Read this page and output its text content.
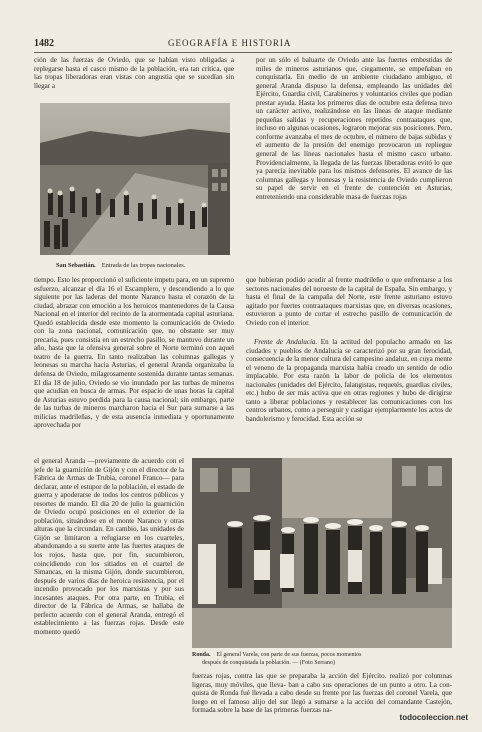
1482	GEOGRAFÍA E HISTORIA

ción de las fuerzas de Oviedo, que se habían visto obligadas a replegarse hasta el casco mismo de la población, era tan crítica, que las tropas liberadoras eran vistas con angustia que se sucedían sin llegar a

San Sebastián. Entrada de las tropas nacionales.

tiempo. Esto les proporcionó el suficiente impetu para, en un supremo esfuerzo, alcanzar el día 16 el Escamplero, y descendiendo a lo que siguiente por las laderas del monte Naranco hasta el corazón de la ciudad, abrazar con emoción a los heroicos mantenedores de la Causa Nacional en el interior del recinto de la atormentada capital asturiana. Quedó establecida desde este momento la comunicación de Oviedo con la zona nacional, comunicación que, no obstante ser muy precaria, pues consistía en un estrecho pasillo, se mantuvo durante un año, hasta que la ofensiva general sobre el Norte terminó con aquel teatro de la guerra. En tanto realizaban las columnas gallegas y leonesas su marcha hacia Asturias, el general Aranda organizaba la defensa de Oviedo, milagrosamente sostenida durante tantas semanas. El día 18 de julio, Oviedo se vio inundado por las turbas de mineros que acudían en busca de armas. Por espacio de unas horas la capital de Asturias estuvo perdida para la causa nacional; sin embargo, parte de las turbas de mineros marcharon hacia el Sur para sumarse a las milicias madrileñas, y de esta ausencia inmediata y oportunamente aprovechada por

el general Aranda —previamente de acuerdo con el jefe de la guarnición de Gijón y con el director de la Fábrica de Armas de Trubia, coronel Franco— para declarar, ante el estupor de la población, el estado de guerra y apoderarse de todos los centros públicos y resortes de mando. El día 20 de julio la guarnición de Oviedo ocupó posiciones en el exterior de la población, situándose en el monte Naranco y otras alturas que la circundan. En cambio, las unidades de Gijón se limitaron a refugiarse en los cuarteles, abandonando a su suerte ante las fuertes ataques de los rojos, hasta que, por fin, sucumbieron, coincidiendo con los sitiados en el cuartel de Simancas, en la misma Gijón, donde sucumbieron, después de varios días de heroica resistencia, por el incendio provocado por los marxistas y por sus incesantes ataques. Por otra parte, en Trubia, el director de la Fábrica de Armas, se hallaba de perfecto acuerdo con el general Aranda, entregó el establecimiento a las fuerzas rojas. Desde este momento quedó

por un sólo el baluarte de Oviedo ante las fuertes embestidas de miles de mineros asturianos que, ciegamente, se empeñaban en conquistarla. En medio de un ambiente ciudadano ambiguo, el general Aranda dispuso la defensa, empleando las unidades del Ejército, Guardia civil, Carabineros y voluntarios civiles que podían prestar ayuda. Hasta los primeros días de octubre esta defensa tuvo un carácter activo, realizándose en las líneas de ataque mediante pequeñas salidas y recuperaciones repetidos contraataques que, incluso en algunas ocasiones, lograron mejorar sus posiciones. Pero, conforme avanzaba el mes de octubre, el número de bajas subidas y el aumento de la presión del enemigo provocaron un repliegue general de las líneas nacionales hasta el mismo casco urbano. Providencialmente, la llegada de las fuerzas liberadoras evitó lo que ya parecía inevitable para los mismos defensores. El avance de las columnas gallegas y leonesas y la resistencia de Oviedo cumplieron su papel de servir en el frente de contención en Asturias, entreteniendo una considerable masa de fuerzas rojas

que hubieran podido acudir al frente madrileño o que enfrentarse a los sectores nacionales del noroeste de la capital de España. Sin embargo, y hasta el final de la campaña del Norte, este frente asturiano estuvo agitado por fuertes contraataques marxistas que, en diversas ocasiones, estuvieron a punto de cortar el estrecho pasillo de comunicación de Oviedo con el interior.

Frente de Andalucía. En la actitud del populacho armado en las ciudades y pueblos de Andalucía se caracterizó por su gran ferocidad, consecuencia de la menor cultura del campesino andaluz, en cuya mente el veneno de la propaganda marxista había creado un sentido de odio implacable. Por esta razón la labor de policía de los elementos nacionales (unidades del Ejército, falangistas, requetés, guardias civiles, etc.) hubo de ser más activa que en otras regiones y hubo de dirigirse tanto a liberar poblaciones y restablecer las comunicaciones con los centros urbanos, como a perseguir y castigar ejemplarmente los actos de bandolerismo y ferocidad. Esta acción se

Ronda. El general Varela, con parte de sus fuerzas, pocos momentos
después de conquistada la población. — (Foto Serrano)

fuerzas rojas, contra las que se preparaba la acción del Ejército. realizó por columnas ligeras, muy móviles, que lleva- ban a cabo sus operaciones de un punto a otro. La con- quista de Ronda fué llevada a cabo desde su frente por las fuerzas del coronel Varela, que luego en el famoso alijo del sur llegó a sumarse a la acción del comandante Castejón, formada sobre la base de las primeras fuerzas na-

todocoleccion.net
